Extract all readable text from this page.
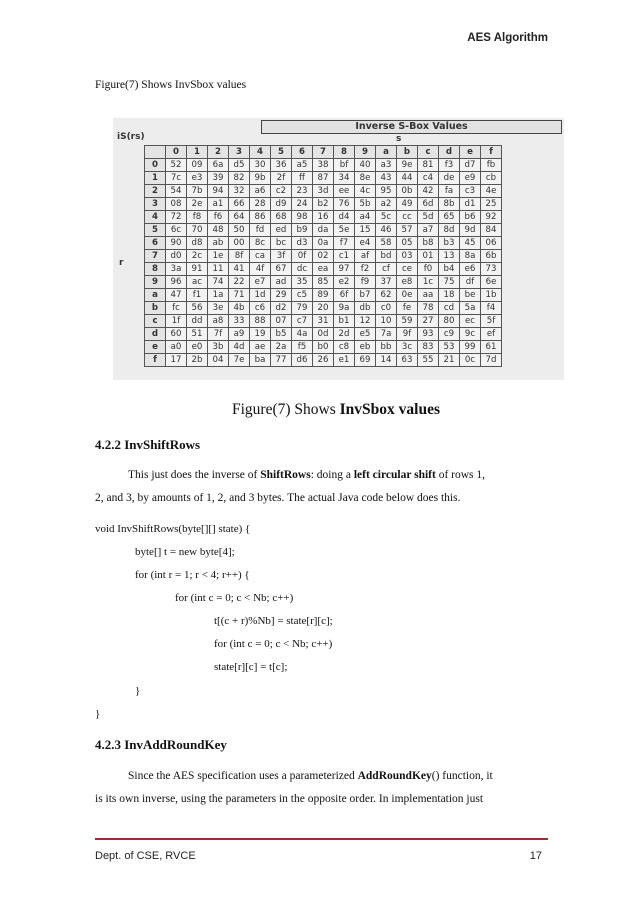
AES Algorithm
Figure(7) Shows InvSbox values
Inverse S-Box Values
iS(rs)	s
r
	0	1	2	3	4	5	6	7	8	9	a	b	c	d	e	f
0	52	09	6a	d5	30	36	a5	38	bf	40	a3	9e	81	f3	d7	fb
1	7c	e3	39	82	9b	2f	ff	87	34	8e	43	44	c4	de	e9	cb
2	54	7b	94	32	a6	c2	23	3d	ee	4c	95	0b	42	fa	c3	4e
3	08	2e	a1	66	28	d9	24	b2	76	5b	a2	49	6d	8b	d1	25
4	72	f8	f6	64	86	68	98	16	d4	a4	5c	cc	5d	65	b6	92
5	6c	70	48	50	fd	ed	b9	da	5e	15	46	57	a7	8d	9d	84
6	90	d8	ab	00	8c	bc	d3	0a	f7	e4	58	05	b8	b3	45	06
7	d0	2c	1e	8f	ca	3f	0f	02	c1	af	bd	03	01	13	8a	6b
8	3a	91	11	41	4f	67	dc	ea	97	f2	cf	ce	f0	b4	e6	73
9	96	ac	74	22	e7	ad	35	85	e2	f9	37	e8	1c	75	df	6e
a	47	f1	1a	71	1d	29	c5	89	6f	b7	62	0e	aa	18	be	1b
b	fc	56	3e	4b	c6	d2	79	20	9a	db	c0	fe	78	cd	5a	f4
c	1f	dd	a8	33	88	07	c7	31	b1	12	10	59	27	80	ec	5f
d	60	51	7f	a9	19	b5	4a	0d	2d	e5	7a	9f	93	c9	9c	ef
e	a0	e0	3b	4d	ae	2a	f5	b0	c8	eb	bb	3c	83	53	99	61
f	17	2b	04	7e	ba	77	d6	26	e1	69	14	63	55	21	0c	7d
Figure(7) Shows InvSbox values
4.2.2 InvShiftRows
This just does the inverse of ShiftRows: doing a left circular shift of rows 1,
2, and 3, by amounts of 1, 2, and 3 bytes. The actual Java code below does this.
void InvShiftRows(byte[][] state) {
byte[] t = new byte[4];
for (int r = 1; r < 4; r++) {
for (int c = 0; c < Nb; c++)
t[(c + r)%Nb] = state[r][c];
for (int c = 0; c < Nb; c++)
state[r][c] = t[c];
}
}
4.2.3 InvAddRoundKey
Since the AES specification uses a parameterized AddRoundKey() function, it
is its own inverse, using the parameters in the opposite order. In implementation just
Dept. of CSE, RVCE	17
